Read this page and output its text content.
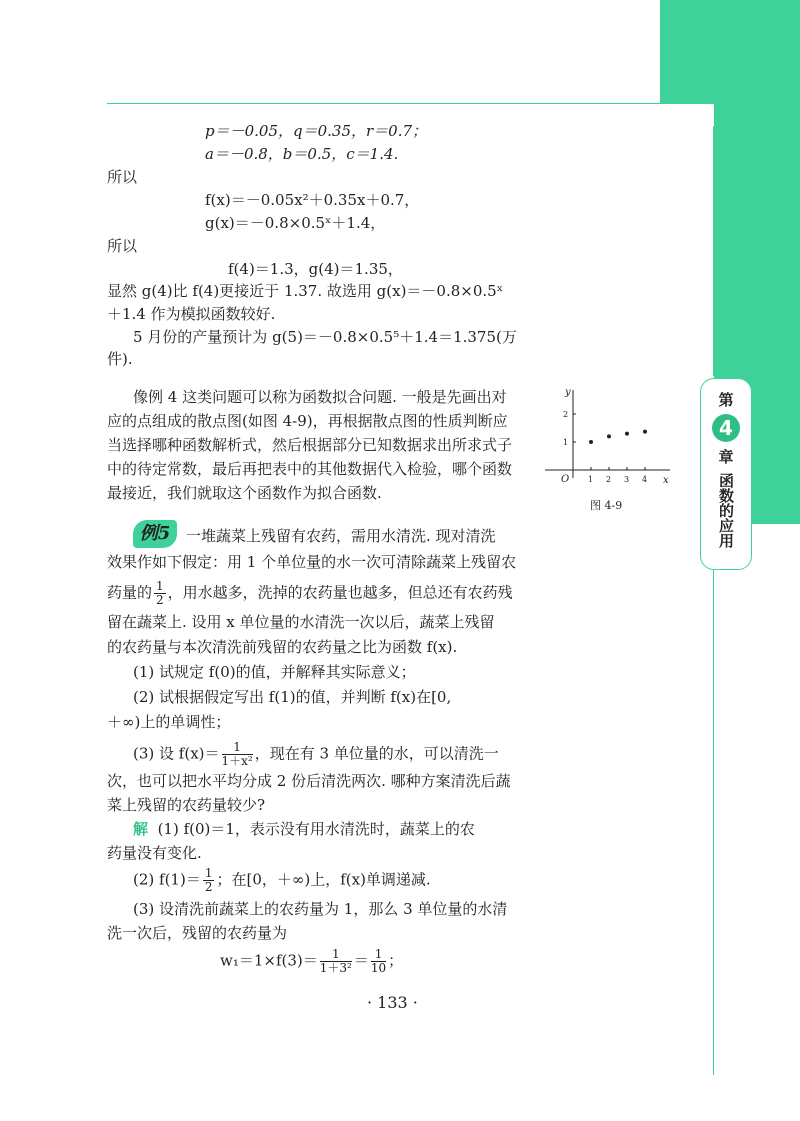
第
4
章
函数的应用
p＝－0.05，q＝0.35，r＝0.7；
a＝－0.8，b＝0.5，c＝1.4.
所以
f(x)＝－0.05x²＋0.35x＋0.7，
g(x)＝－0.8×0.5ˣ＋1.4，
所以
f(4)＝1.3，g(4)＝1.35，
显然 g(4)比 f(4)更接近于 1.37. 故选用 g(x)＝－0.8×0.5ˣ
＋1.4 作为模拟函数较好.
5 月份的产量预计为 g(5)＝－0.8×0.5⁵＋1.4＝1.375(万
件).
像例 4 这类问题可以称为函数拟合问题. 一般是先画出对
应的点组成的散点图(如图 4-9)，再根据散点图的性质判断应
当选择哪种函数解析式，然后根据部分已知数据求出所求式子
中的待定常数，最后再把表中的其他数据代入检验，哪个函数
最接近，我们就取这个函数作为拟合函数.
y
x
O
2
1
1 2 3 4
图 4-9
例5	一堆蔬菜上残留有农药，需用水清洗. 现对清洗
效果作如下假定：用 1 个单位量的水一次可清除蔬菜上残留农
药量的 $\frac{1}{2}$ ，用水越多，洗掉的农药量也越多，但总还有农药残
留在蔬菜上. 设用 x 单位量的水清洗一次以后，蔬菜上残留
的农药量与本次清洗前残留的农药量之比为函数 f(x).
(1) 试规定 f(0)的值，并解释其实际意义；
(2) 试根据假定写出 f(1)的值，并判断 f(x)在[0,
＋∞)上的单调性；
(3) 设 $f(x)= \frac{1}{\text{1＋x²}}$ ，现在有 3 单位量的水，可以清洗一
次，也可以把水平均分成 2 份后清洗两次. 哪种方案清洗后蔬
菜上残留的农药量较少?
解 (1) f(0)＝1，表示没有用水清洗时，蔬菜上的农
药量没有变化.
(2) $f(1)= \frac{1}{2}$ ；在[0，＋∞)上，f(x)单调递减.
(3) 设清洗前蔬菜上的农药量为 1，那么 3 单位量的水清
洗一次后，残留的农药量为
$w_1=1\times f(3)= \frac{1}{\text{1＋3²}} = \frac{1}{10}$ ；
· 133 ·
